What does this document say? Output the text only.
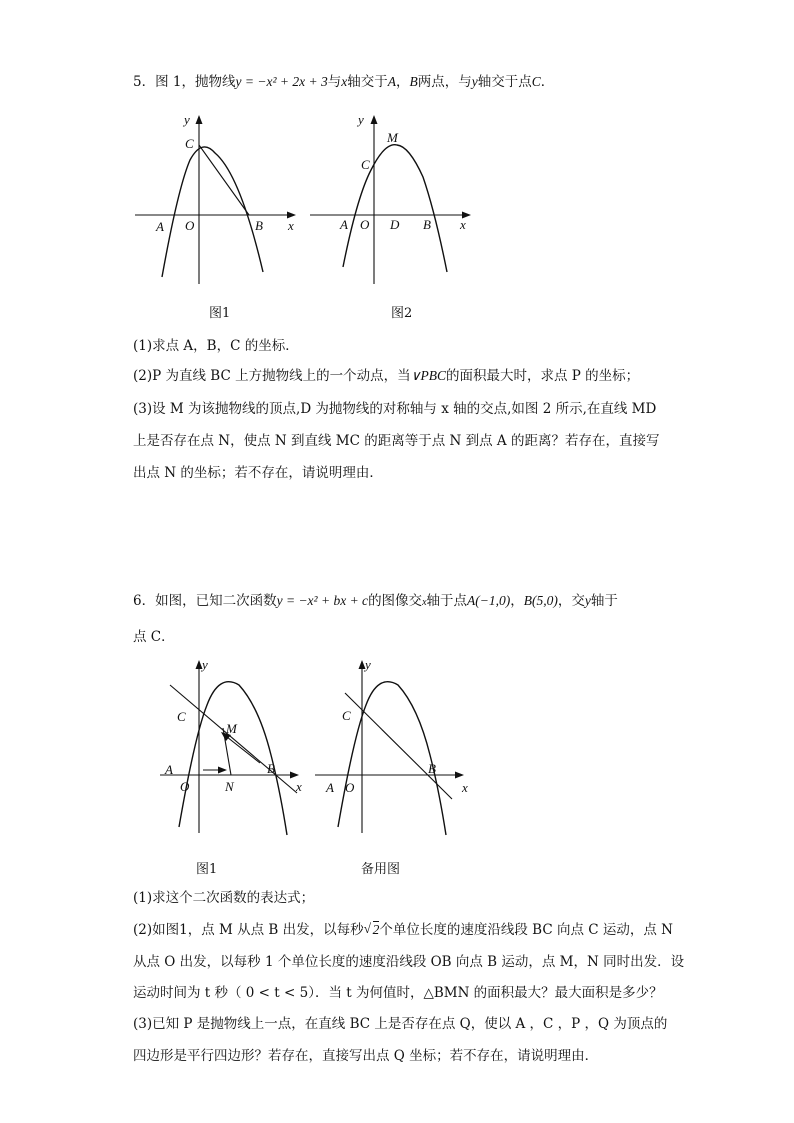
5．图 1，抛物线y = −x² + 2x + 3与x轴交于A，B两点，与y轴交于点C．
y
C
A O	B x
y
M
C
A O D B x
图1	图2
(1)求点 A，B，C 的坐标．
(2)P 为直线 BC 上方抛物线上的一个动点，当∨PBC的面积最大时，求点 P 的坐标；
(3)设 M 为该抛物线的顶点,D 为抛物线的对称轴与 x 轴的交点,如图 2 所示,在直线 MD
上是否存在点 N，使点 N 到直线 MC 的距离等于点 N 到点 A 的距离？若存在，直接写
出点 N 的坐标；若不存在，请说明理由．
6．如图，已知二次函数y = −x² + bx + c的图像交x轴于点A(−1,0)，B(5,0)，交y轴于
点 C．
y
C
M
A	B
O	N	x
y
C
B
A O	x
图1	备用图
(1)求这个二次函数的表达式；
(2)如图1，点 M 从点 B 出发，以每秒√ 2个单位长度的速度沿线段 BC 向点 C 运动，点 N
从点 O 出发，以每秒 1 个单位长度的速度沿线段 OB 向点 B 运动，点 M，N 同时出发．设
运动时间为 t 秒（ 0 < t < 5）．当 t 为何值时，△BMN 的面积最大？最大面积是多少？
(3)已知 P 是抛物线上一点，在直线 BC 上是否存在点 Q，使以 A ，C ，P ，Q 为顶点的
四边形是平行四边形？若存在，直接写出点 Q 坐标；若不存在，请说明理由．
